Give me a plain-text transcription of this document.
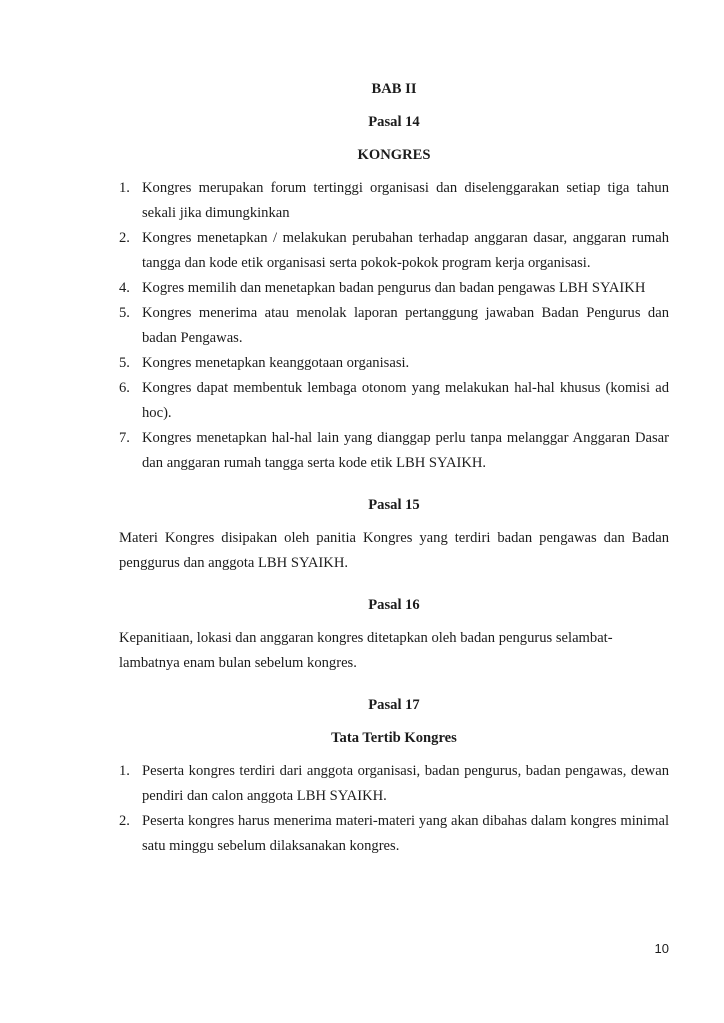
BAB II
Pasal 14
KONGRES
1. Kongres merupakan forum tertinggi organisasi dan diselenggarakan setiap tiga tahun sekali jika dimungkinkan
2. Kongres menetapkan / melakukan perubahan terhadap anggaran dasar, anggaran rumah tangga dan kode etik organisasi serta pokok-pokok program kerja organisasi.
4. Kogres memilih dan menetapkan badan pengurus dan badan pengawas LBH SYAIKH
5. Kongres menerima atau menolak laporan pertanggung jawaban Badan Pengurus dan badan Pengawas.
5. Kongres menetapkan keanggotaan organisasi.
6. Kongres dapat membentuk lembaga otonom yang melakukan hal-hal khusus (komisi ad hoc).
7. Kongres menetapkan hal-hal lain yang dianggap perlu tanpa melanggar Anggaran Dasar dan anggaran rumah tangga serta kode etik LBH SYAIKH.
Pasal 15
Materi Kongres disipakan oleh panitia Kongres yang terdiri badan pengawas dan Badan penggurus dan anggota LBH SYAIKH.
Pasal 16
Kepanitiaan, lokasi dan anggaran kongres ditetapkan oleh badan pengurus selambat-lambatnya enam bulan sebelum kongres.
Pasal 17
Tata Tertib Kongres
1. Peserta kongres terdiri dari anggota organisasi, badan pengurus, badan pengawas, dewan pendiri dan calon anggota LBH SYAIKH.
2. Peserta kongres harus menerima materi-materi yang akan dibahas dalam kongres minimal satu minggu sebelum dilaksanakan kongres.
10
